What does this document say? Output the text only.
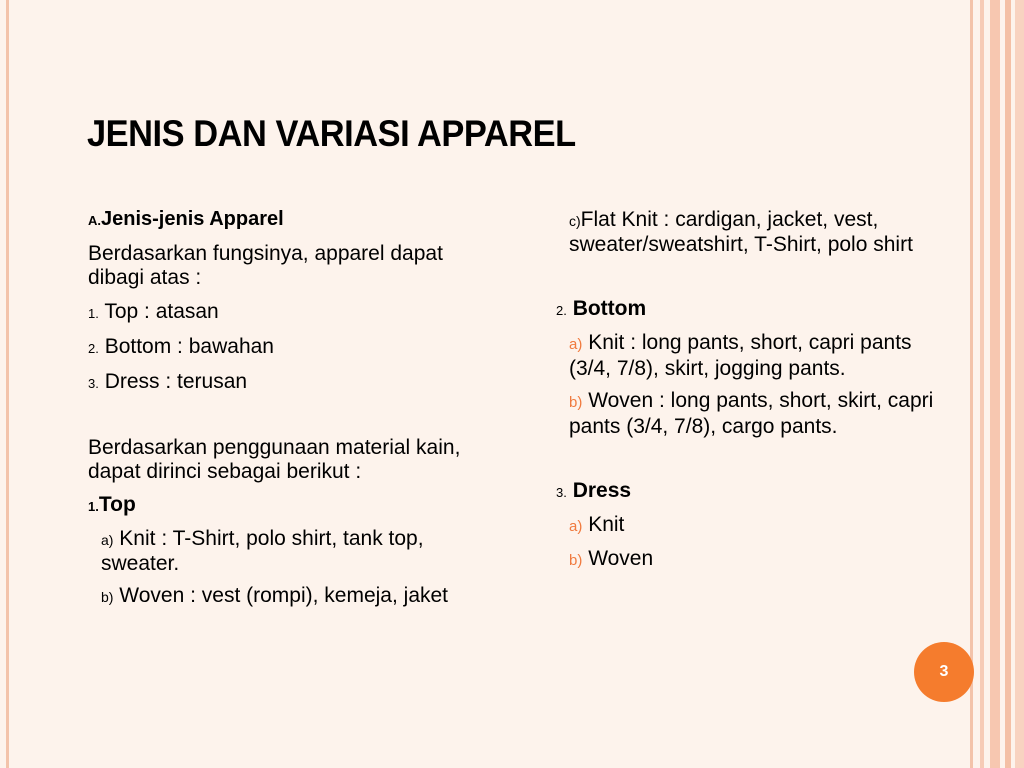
JENIS DAN VARIASI APPAREL

A.Jenis-jenis Apparel

Berdasarkan fungsinya, apparel dapat dibagi atas :

1. Top : atasan

2. Bottom : bawahan

3. Dress : terusan

Berdasarkan penggunaan material kain, dapat dirinci sebagai berikut :

1.Top

a) Knit : T-Shirt, polo shirt, tank top, sweater.

b) Woven : vest (rompi), kemeja, jaket

c)Flat Knit : cardigan, jacket, vest, sweater/sweatshirt, T-Shirt, polo shirt

2. Bottom

a) Knit : long pants, short, capri pants (3/4, 7/8), skirt, jogging pants.

b) Woven : long pants, short, skirt, capri pants (3/4, 7/8), cargo pants.

3. Dress

a) Knit

b) Woven

3
